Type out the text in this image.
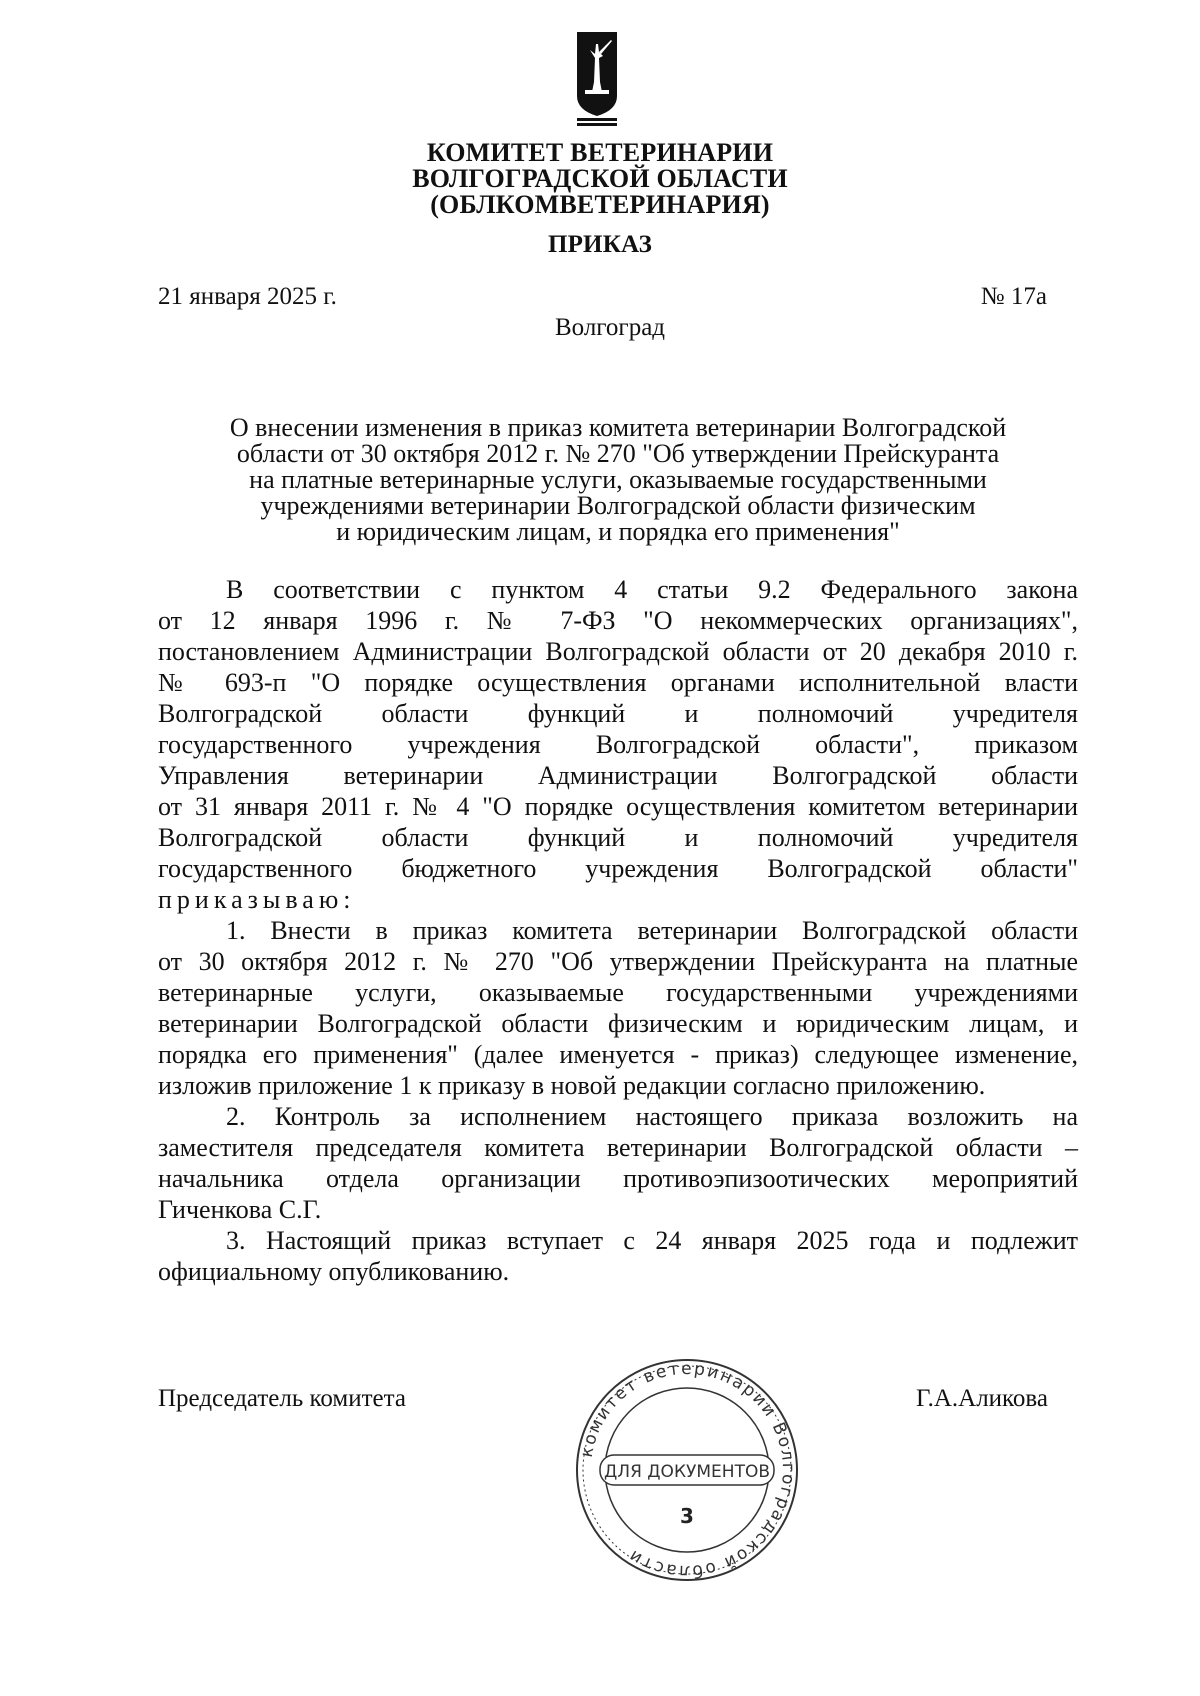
КОМИТЕТ ВЕТЕРИНАРИИ
ВОЛГОГРАДСКОЙ ОБЛАСТИ
(ОБЛКОМВЕТЕРИНАРИЯ)
ПРИКАЗ
21 января 2025 г.	№ 17а
Волгоград
О внесении изменения в приказ комитета ветеринарии Волгоградской
области от 30 октября 2012 г. № 270 "Об утверждении Прейскуранта
на платные ветеринарные услуги, оказываемые государственными
учреждениями ветеринарии Волгоградской области физическим
и юридическим лицам, и порядка его применения"
В соответствии с пунктом 4 статьи 9.2 Федерального закона
от 12 января 1996 г. № 7-ФЗ "О некоммерческих организациях",
постановлением Администрации Волгоградской области от 20 декабря 2010 г.
№ 693-п "О порядке осуществления органами исполнительной власти
Волгоградской области функций и полномочий учредителя
государственного учреждения Волгоградской области", приказом
Управления ветеринарии Администрации Волгоградской области
от 31 января 2011 г. № 4 "О порядке осуществления комитетом ветеринарии
Волгоградской области функций и полномочий учредителя
государственного бюджетного учреждения Волгоградской области"
приказываю:
1. Внести в приказ комитета ветеринарии Волгоградской области
от 30 октября 2012 г. № 270 "Об утверждении Прейскуранта на платные
ветеринарные услуги, оказываемые государственными учреждениями
ветеринарии Волгоградской области физическим и юридическим лицам, и
порядка его применения" (далее именуется - приказ) следующее изменение,
изложив приложение 1 к приказу в новой редакции согласно приложению.
2. Контроль за исполнением настоящего приказа возложить на
заместителя председателя комитета ветеринарии Волгоградской области –
начальника отдела организации противоэпизоотических мероприятий
Гиченкова С.Г.
3. Настоящий приказ вступает с 24 января 2025 года и подлежит
официальному опубликованию.
Председатель комитета	Г.А.Аликова
комитет ветеринарии Волгоградской области
ДЛЯ ДОКУМЕНТОВ
3
